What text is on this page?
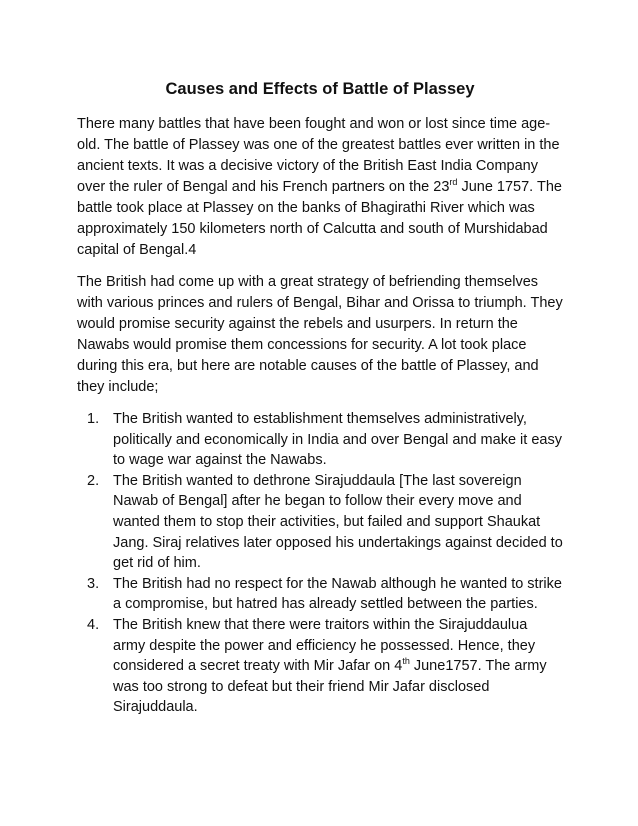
Causes and Effects of Battle of Plassey

There many battles that have been fought and won or lost since time age-old. The battle of Plassey was one of the greatest battles ever written in the ancient texts. It was a decisive victory of the British East India Company over the ruler of Bengal and his French partners on the 23rd June 1757. The battle took place at Plassey on the banks of Bhagirathi River which was approximately 150 kilometers north of Calcutta and south of Murshidabad capital of Bengal.4

The British had come up with a great strategy of befriending themselves with various princes and rulers of Bengal, Bihar and Orissa to triumph. They would promise security against the rebels and usurpers. In return the Nawabs would promise them concessions for security. A lot took place during this era, but here are notable causes of the battle of Plassey, and they include;

1. The British wanted to establishment themselves administratively, politically and economically in India and over Bengal and make it easy to wage war against the Nawabs.
2. The British wanted to dethrone Sirajuddaula [The last sovereign Nawab of Bengal] after he began to follow their every move and wanted them to stop their activities, but failed and support Shaukat Jang. Siraj relatives later opposed his undertakings against decided to get rid of him.
3. The British had no respect for the Nawab although he wanted to strike a compromise, but hatred has already settled between the parties.
4. The British knew that there were traitors within the Sirajuddaulua army despite the power and efficiency he possessed. Hence, they considered a secret treaty with Mir Jafar on 4th June1757. The army was too strong to defeat but their friend Mir Jafar disclosed Sirajuddaula.
